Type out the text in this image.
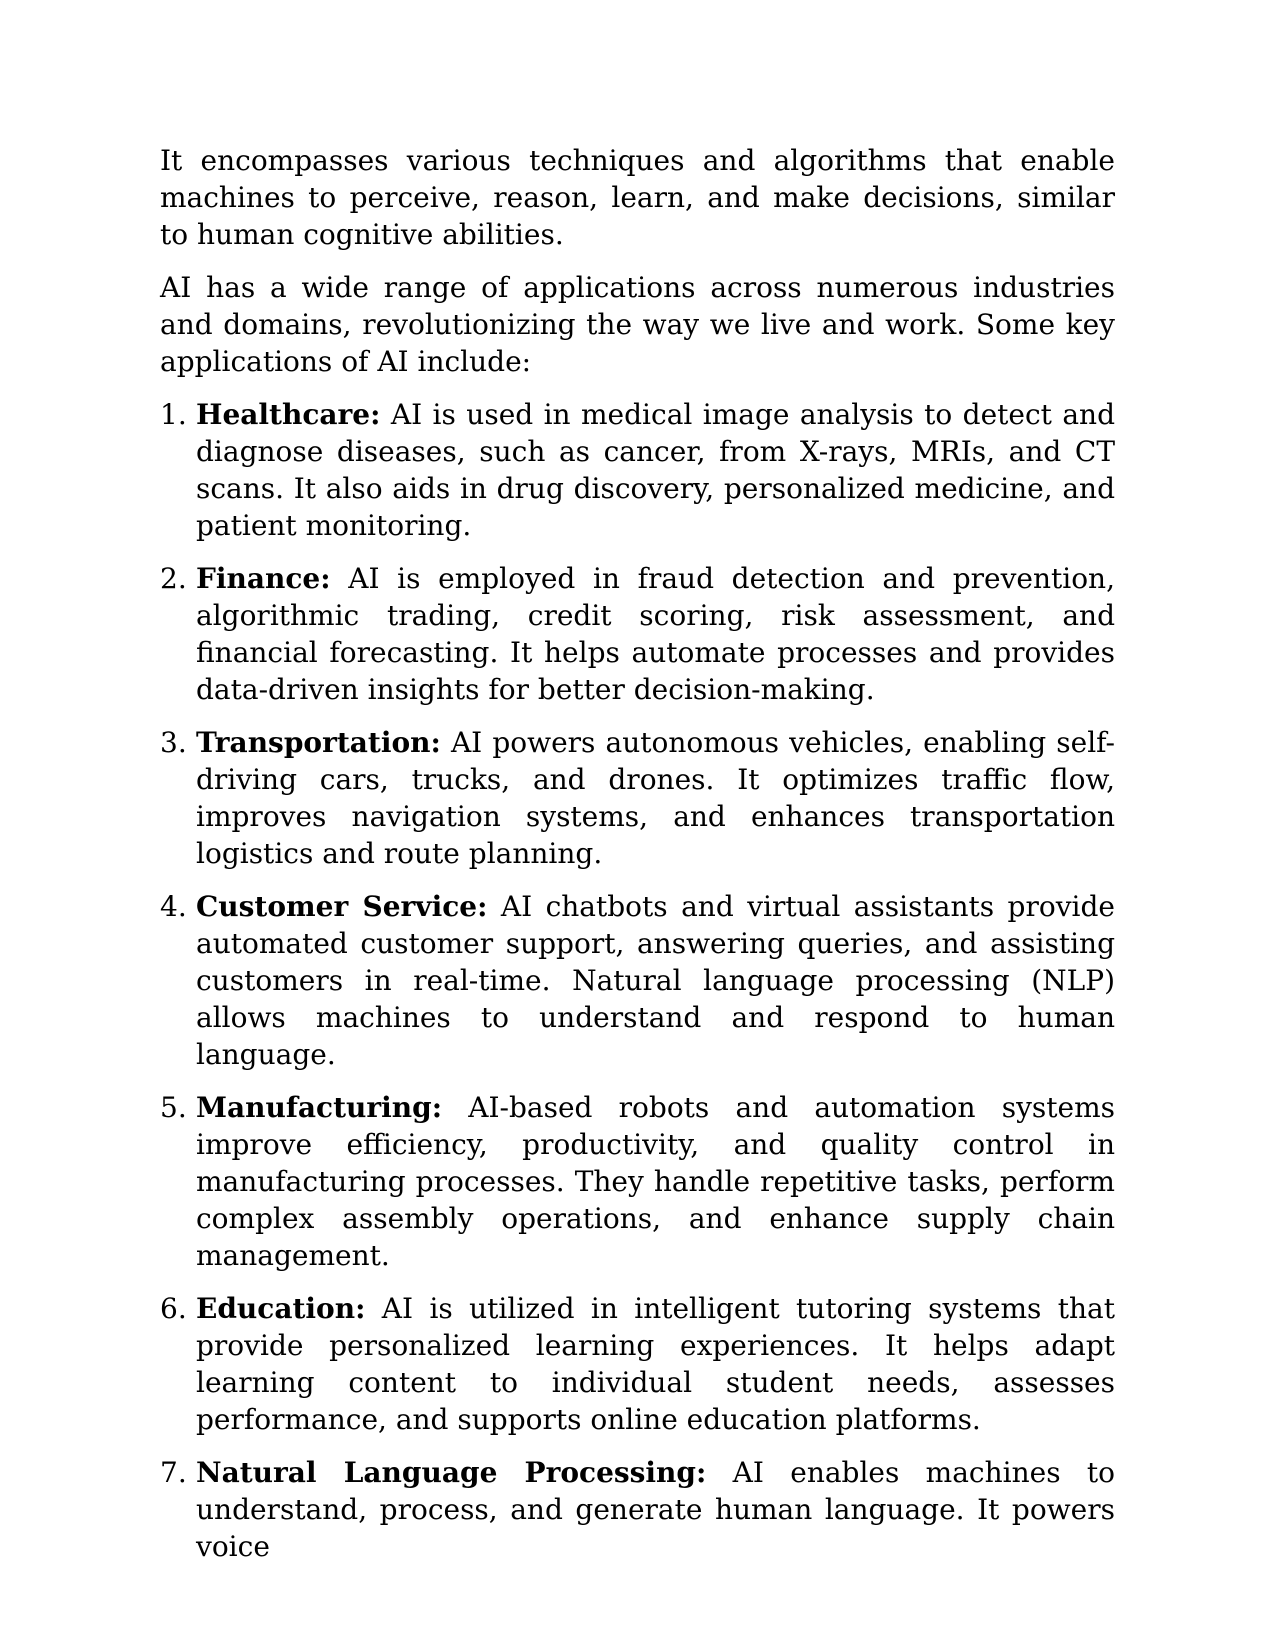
It encompasses various techniques and algorithms that enable machines to perceive, reason, learn, and make decisions, similar to human cognitive abilities.

AI has a wide range of applications across numerous industries and domains, revolutionizing the way we live and work. Some key applications of AI include:

1. Healthcare: AI is used in medical image analysis to detect and diagnose diseases, such as cancer, from X-rays, MRIs, and CT scans. It also aids in drug discovery, personalized medicine, and patient monitoring.
2. Finance: AI is employed in fraud detection and prevention, algorithmic trading, credit scoring, risk assessment, and financial forecasting. It helps automate processes and provides data-driven insights for better decision-making.
3. Transportation: AI powers autonomous vehicles, enabling self-driving cars, trucks, and drones. It optimizes traffic flow, improves navigation systems, and enhances transportation logistics and route planning.
4. Customer Service: AI chatbots and virtual assistants provide automated customer support, answering queries, and assisting customers in real-time. Natural language processing (NLP) allows machines to understand and respond to human language.
5. Manufacturing: AI-based robots and automation systems improve efficiency, productivity, and quality control in manufacturing processes. They handle repetitive tasks, perform complex assembly operations, and enhance supply chain management.
6. Education: AI is utilized in intelligent tutoring systems that provide personalized learning experiences. It helps adapt learning content to individual student needs, assesses performance, and supports online education platforms.
7. Natural Language Processing: AI enables machines to understand, process, and generate human language. It powers voice
